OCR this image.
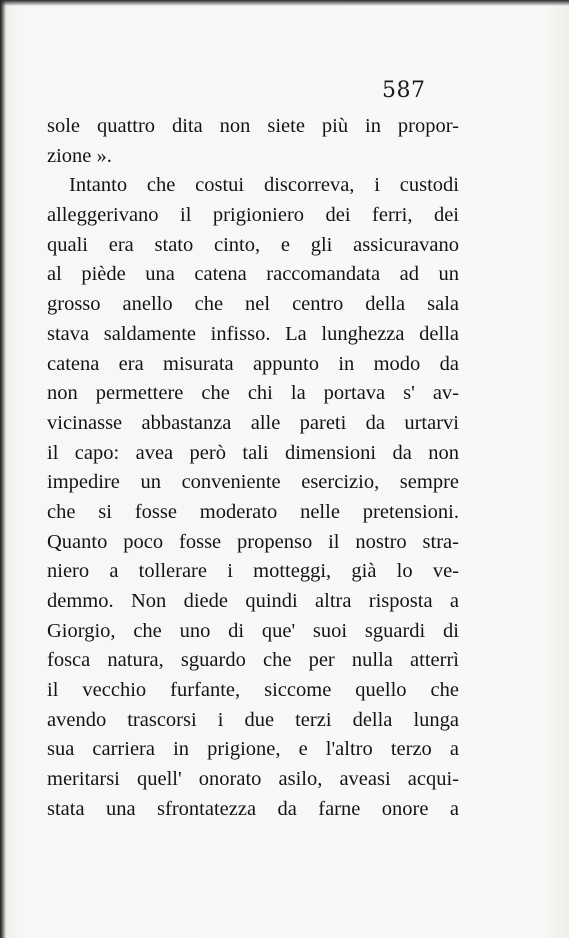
587
sole quattro dita non siete più in propor-
zione ».
Intanto che costui discorreva, i custodi
alleggerivano il prigioniero dei ferri, dei
quali era stato cinto, e gli assicuravano
al piède una catena raccomandata ad un
grosso anello che nel centro della sala
stava saldamente infisso. La lunghezza della
catena era misurata appunto in modo da
non permettere che chi la portava s' av-
vicinasse abbastanza alle pareti da urtarvi
il capo: avea però tali dimensioni da non
impedire un conveniente esercizio, sempre
che si fosse moderato nelle pretensioni.
Quanto poco fosse propenso il nostro stra-
niero a tollerare i motteggi, già lo ve-
demmo. Non diede quindi altra risposta a
Giorgio, che uno di que' suoi sguardi di
fosca natura, sguardo che per nulla atterrì
il vecchio furfante, siccome quello che
avendo trascorsi i due terzi della lunga
sua carriera in prigione, e l'altro terzo a
meritarsi quell' onorato asilo, aveasi acqui-
stata una sfrontatezza da farne onore a
